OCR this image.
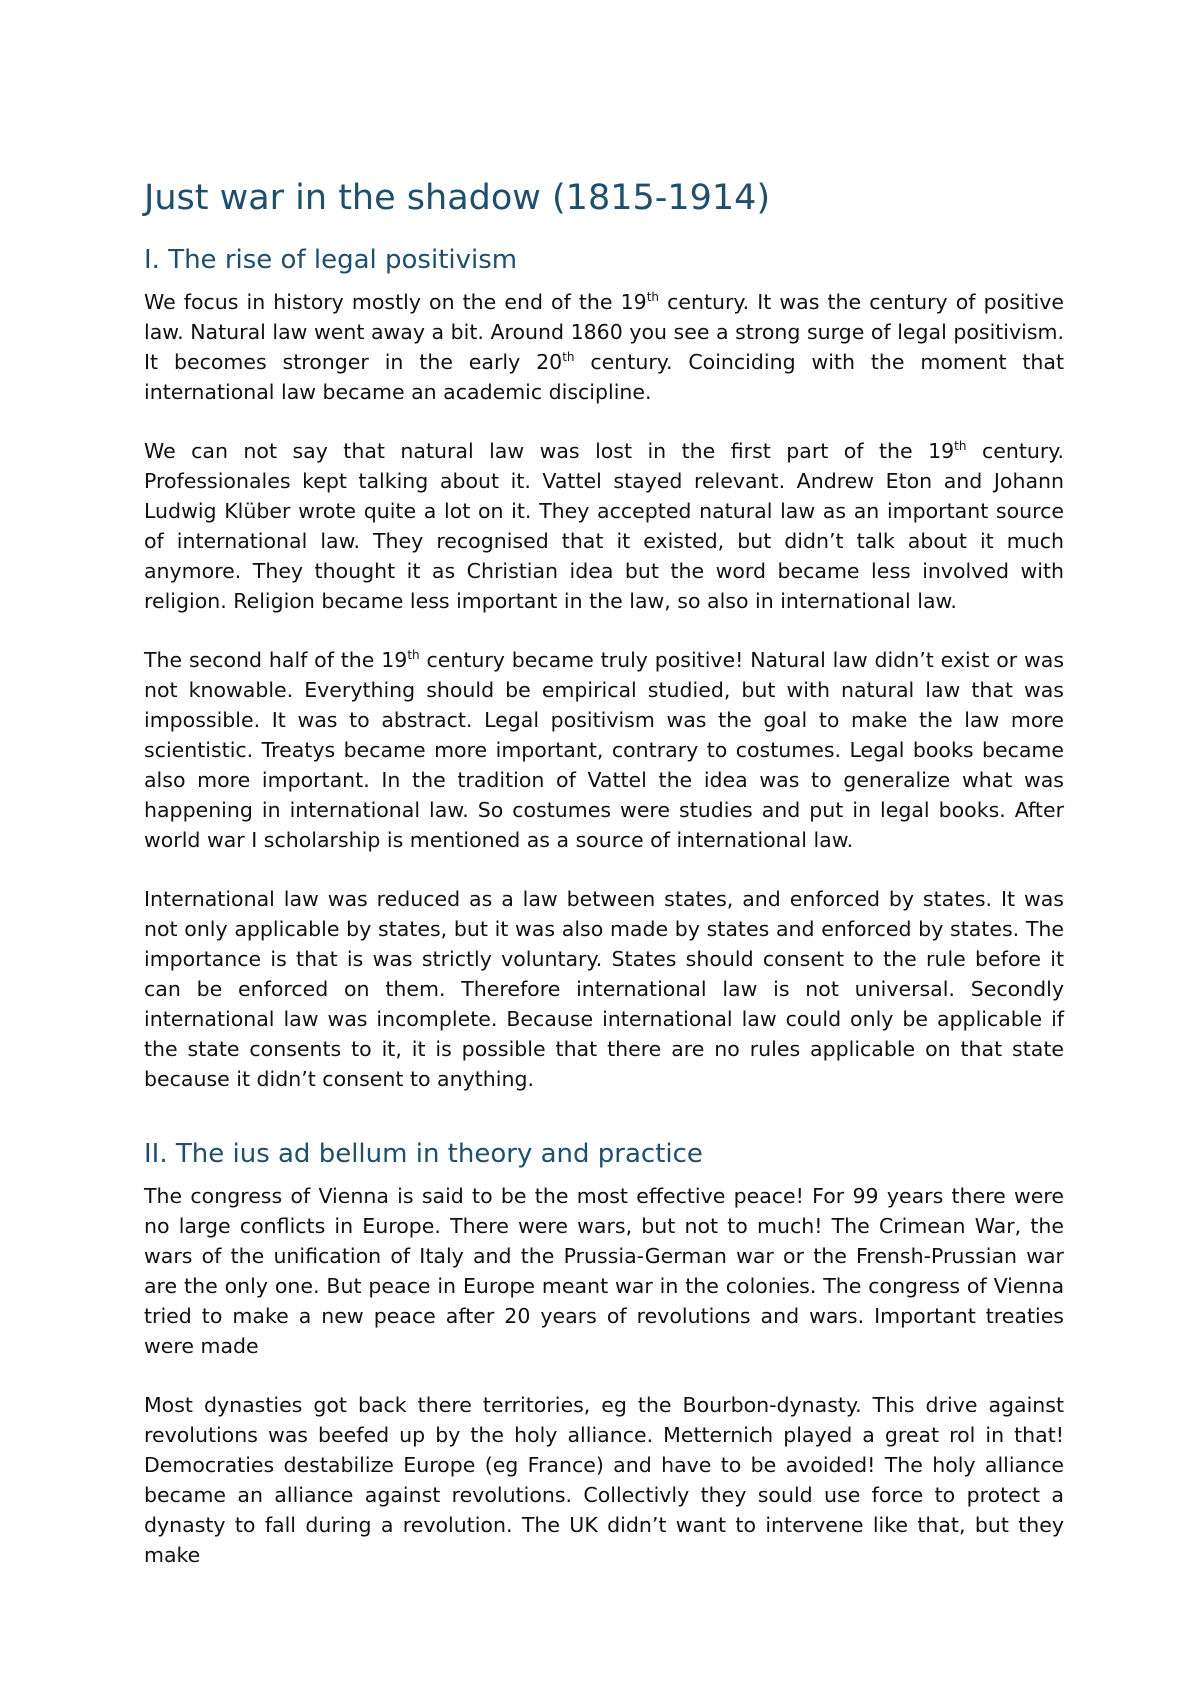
Just war in the shadow (1815-1914)
I. The rise of legal positivism

We focus in history mostly on the end of the 19th century. It was the century of positive law. Natural law went away a bit. Around 1860 you see a strong surge of legal positivism. It becomes stronger in the early 20th century. Coinciding with the moment that international law became an academic discipline.

We can not say that natural law was lost in the first part of the 19th century. Professionales kept talking about it. Vattel stayed relevant. Andrew Eton and Johann Ludwig Klüber wrote quite a lot on it. They accepted natural law as an important source of international law. They recognised that it existed, but didn’t talk about it much anymore. They thought it as Christian idea but the word became less involved with religion. Religion became less important in the law, so also in international law.

The second half of the 19th century became truly positive! Natural law didn’t exist or was not knowable. Everything should be empirical studied, but with natural law that was impossible. It was to abstract. Legal positivism was the goal to make the law more scientistic. Treatys became more important, contrary to costumes. Legal books became also more important. In the tradition of Vattel the idea was to generalize what was happening in international law. So costumes were studies and put in legal books. After world war I scholarship is mentioned as a source of international law.

International law was reduced as a law between states, and enforced by states. It was not only applicable by states, but it was also made by states and enforced by states. The importance is that is was strictly voluntary. States should consent to the rule before it can be enforced on them. Therefore international law is not universal. Secondly international law was incomplete. Because international law could only be applicable if the state consents to it, it is possible that there are no rules applicable on that state because it didn’t consent to anything.

II. The ius ad bellum in theory and practice

The congress of Vienna is said to be the most effective peace! For 99 years there were no large conflicts in Europe. There were wars, but not to much! The Crimean War, the wars of the unification of Italy and the Prussia-German war or the Frensh-Prussian war are the only one. But peace in Europe meant war in the colonies. The congress of Vienna tried to make a new peace after 20 years of revolutions and wars. Important treaties were made

Most dynasties got back there territories, eg the Bourbon-dynasty. This drive against revolutions was beefed up by the holy alliance. Metternich played a great rol in that! Democraties destabilize Europe (eg France) and have to be avoided! The holy alliance became an alliance against revolutions. Collectivly they sould use force to protect a dynasty to fall during a revolution. The UK didn’t want to intervene like that, but they make
